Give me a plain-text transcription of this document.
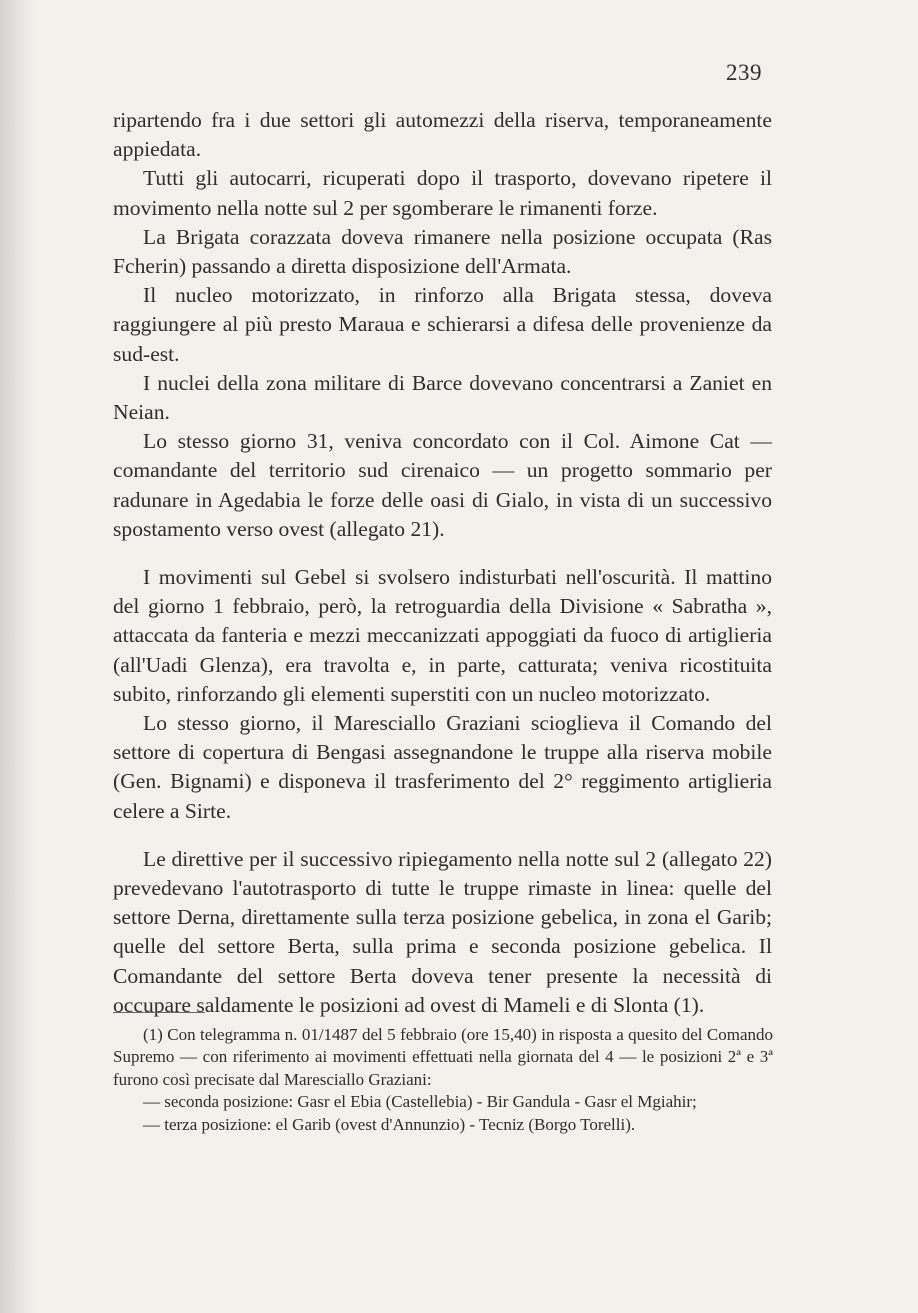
239

ripartendo fra i due settori gli automezzi della riserva, temporaneamente appiedata.

Tutti gli autocarri, ricuperati dopo il trasporto, dovevano ripetere il movimento nella notte sul 2 per sgomberare le rimanenti forze.

La Brigata corazzata doveva rimanere nella posizione occupata (Ras Fcherin) passando a diretta disposizione dell'Armata.

Il nucleo motorizzato, in rinforzo alla Brigata stessa, doveva raggiungere al più presto Maraua e schierarsi a difesa delle provenienze da sud-est.

I nuclei della zona militare di Barce dovevano concentrarsi a Zaniet en Neian.

Lo stesso giorno 31, veniva concordato con il Col. Aimone Cat — comandante del territorio sud cirenaico — un progetto sommario per radunare in Agedabia le forze delle oasi di Gialo, in vista di un successivo spostamento verso ovest (allegato 21).

I movimenti sul Gebel si svolsero indisturbati nell'oscurità. Il mattino del giorno 1 febbraio, però, la retroguardia della Divisione « Sabratha », attaccata da fanteria e mezzi meccanizzati appoggiati da fuoco di artiglieria (all'Uadi Glenza), era travolta e, in parte, catturata; veniva ricostituita subito, rinforzando gli elementi superstiti con un nucleo motorizzato.

Lo stesso giorno, il Maresciallo Graziani scioglieva il Comando del settore di copertura di Bengasi assegnandone le truppe alla riserva mobile (Gen. Bignami) e disponeva il trasferimento del 2° reggimento artiglieria celere a Sirte.

Le direttive per il successivo ripiegamento nella notte sul 2 (allegato 22) prevedevano l'autotrasporto di tutte le truppe rimaste in linea: quelle del settore Derna, direttamente sulla terza posizione gebelica, in zona el Garib; quelle del settore Berta, sulla prima e seconda posizione gebelica. Il Comandante del settore Berta doveva tener presente la necessità di occupare saldamente le posizioni ad ovest di Mameli e di Slonta (1).

(1) Con telegramma n. 01/1487 del 5 febbraio (ore 15,40) in risposta a quesito del Comando Supremo — con riferimento ai movimenti effettuati nella giornata del 4 — le posizioni 2ª e 3ª furono così precisate dal Maresciallo Graziani:

— seconda posizione: Gasr el Ebia (Castellebia) - Bir Gandula - Gasr el Mgiahir;

— terza posizione: el Garib (ovest d'Annunzio) - Tecniz (Borgo Torelli).
